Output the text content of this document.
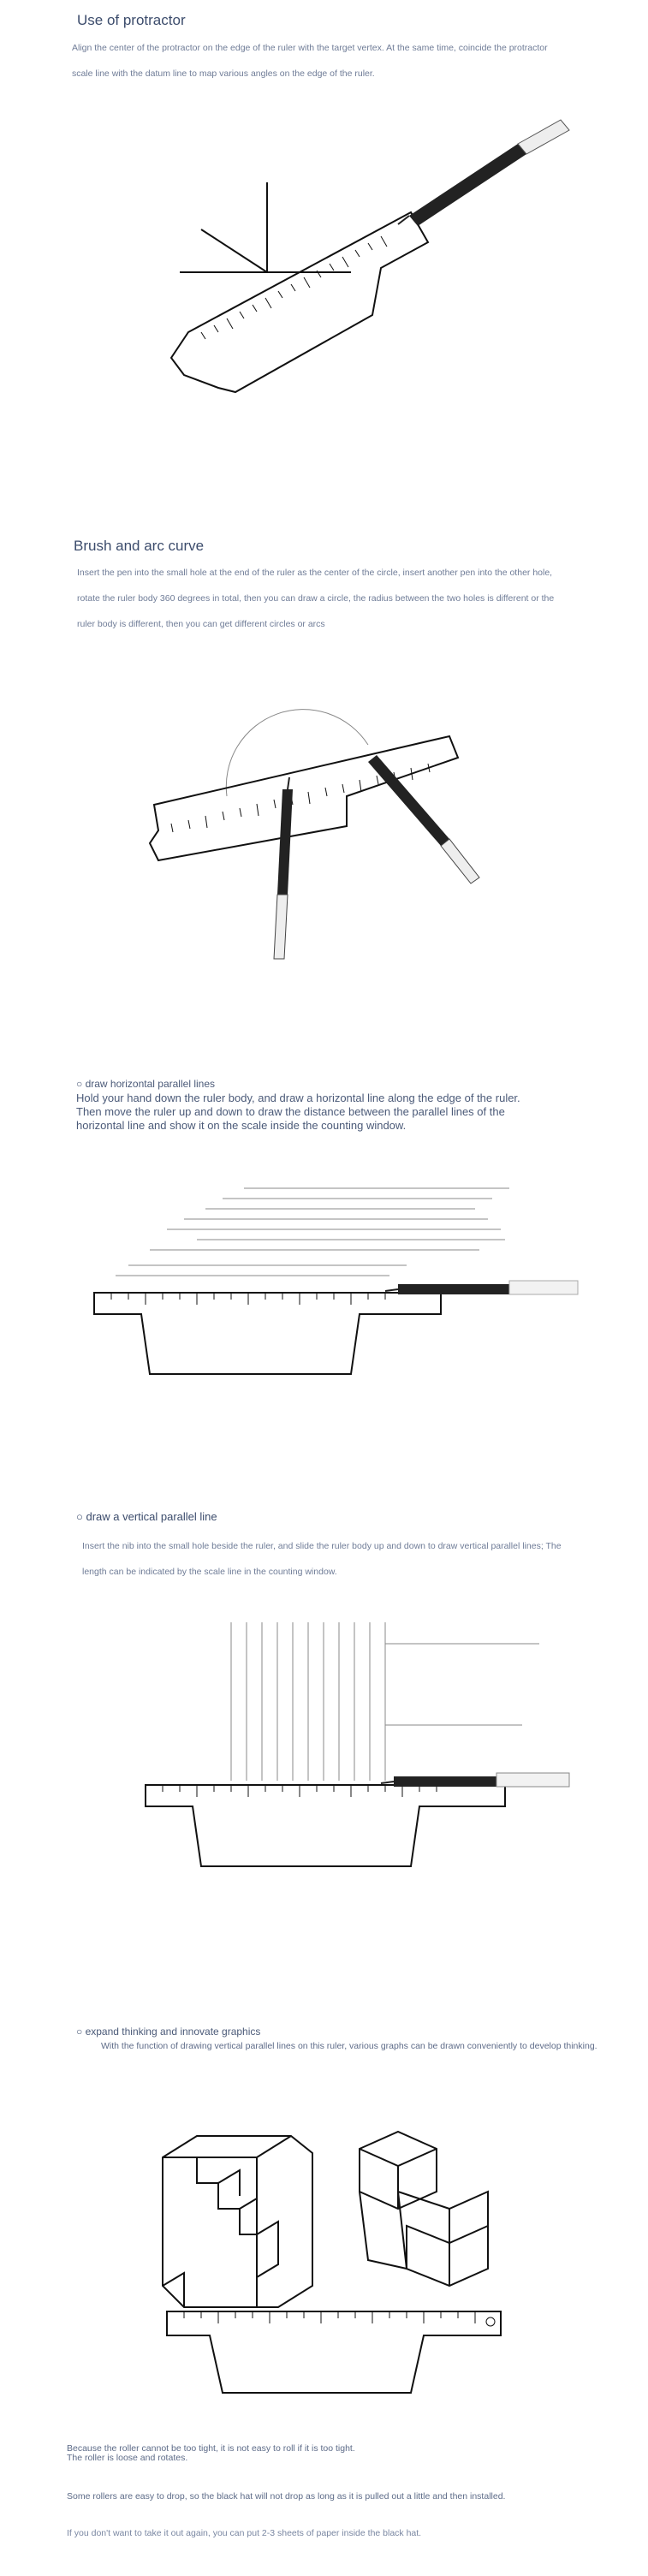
Use of protractor
Align the center of the protractor on the edge of the ruler with the target vertex. At the same time, coincide the protractor scale line with the datum line to map various angles on the edge of the ruler.
Brush and arc curve
Insert the pen into the small hole at the end of the ruler as the center of the circle, insert another pen into the other hole, rotate the ruler body 360 degrees in total, then you can draw a circle, the radius between the two holes is different or the ruler body is different, then you can get different circles or arcs
○ draw horizontal parallel lines
Hold your hand down the ruler body, and draw a horizontal line along the edge of the ruler. Then move the ruler up and down to draw the distance between the parallel lines of the horizontal line and show it on the scale inside the counting window.
○ draw a vertical parallel line
Insert the nib into the small hole beside the ruler, and slide the ruler body up and down to draw vertical parallel lines; The length can be indicated by the scale line in the counting window.
○ expand thinking and innovate graphics
With the function of drawing vertical parallel lines on this ruler, various graphs can be drawn conveniently to develop thinking.
Because the roller cannot be too tight, it is not easy to roll if it is too tight.
The roller is loose and rotates.
Some rollers are easy to drop, so the black hat will not drop as long as it is pulled out a little and then installed.
If you don't want to take it out again, you can put 2-3 sheets of paper inside the black hat.
